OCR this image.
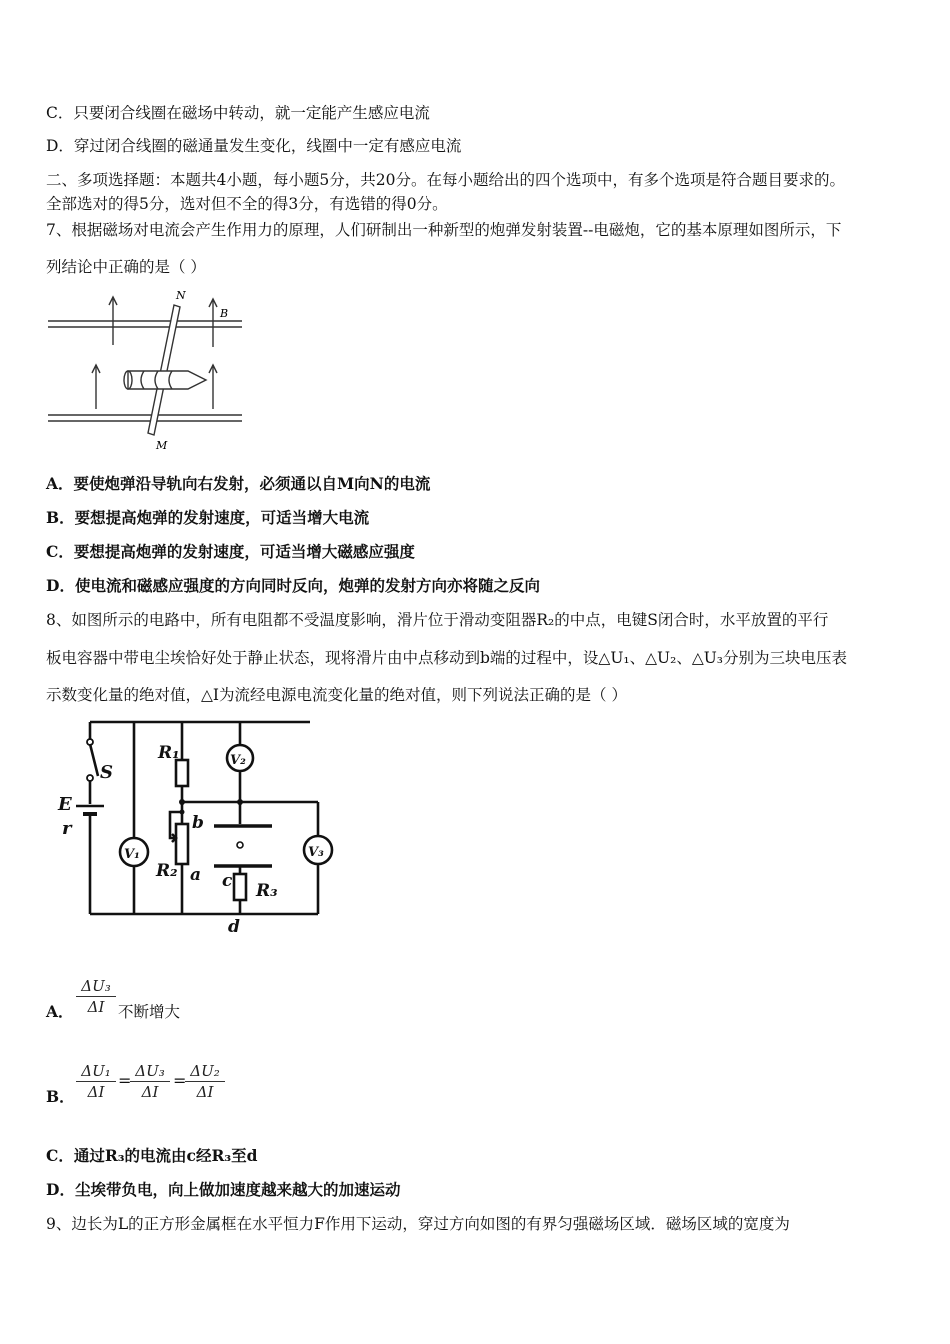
C．只要闭合线圈在磁场中转动，就一定能产生感应电流
D．穿过闭合线圈的磁通量发生变化，线圈中一定有感应电流
二、多项选择题：本题共4小题，每小题5分，共20分。在每小题给出的四个选项中，有多个选项是符合题目要求的。
全部选对的得5分，选对但不全的得3分，有选错的得0分。
7、根据磁场对电流会产生作用力的原理，人们研制出一种新型的炮弹发射装置--电磁炮，它的基本原理如图所示，下
列结论中正确的是（ ）
N
B
M
A．要使炮弹沿导轨向右发射，必须通以自M向N的电流
B．要想提高炮弹的发射速度，可适当增大电流
C．要想提高炮弹的发射速度，可适当增大磁感应强度
D．使电流和磁感应强度的方向同时反向，炮弹的发射方向亦将随之反向
8、如图所示的电路中，所有电阻都不受温度影响，滑片位于滑动变阻器R₂的中点，电键S闭合时，水平放置的平行
板电容器中带电尘埃恰好处于静止状态，现将滑片由中点移动到b端的过程中，设△U₁、△U₂、△U₃分别为三块电压表
示数变化量的绝对值，△I为流经电源电流变化量的绝对值，则下列说法正确的是（ ）
S
E
r
R₁
R₂
R₃
b
a c
d
V₁
V₂
V₃
A．
ΔU₃
ΔI 不断增大
B．
ΔU₁
ΔI
= ΔU₃
ΔI
= ΔU₂
ΔI
C．通过R₃的电流由c经R₃至d
D．尘埃带负电，向上做加速度越来越大的加速运动
9、边长为L的正方形金属框在水平恒力F作用下运动，穿过方向如图的有界匀强磁场区域．磁场区域的宽度为
